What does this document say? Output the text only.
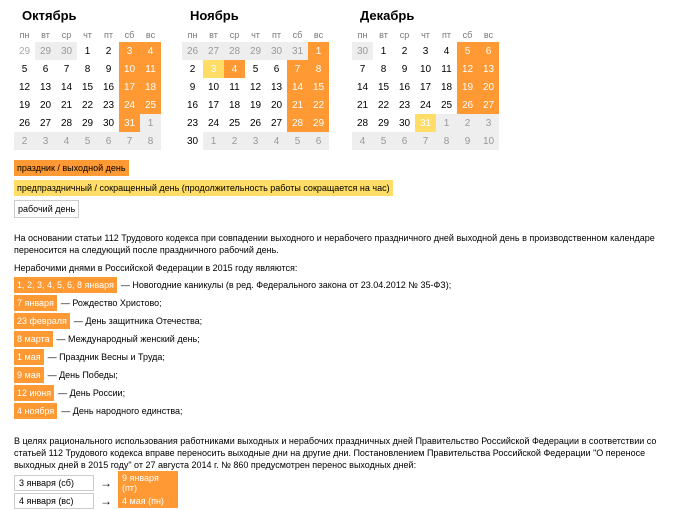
Октябрь
пн	вт	ср	чт	пт	сб	вс
29	29	30	1	2	3	4
5	6	7	8	9	10	11
12	13	14	15	16	17	18
19	20	21	22	23	24	25
26	27	28	29	30	31	1
2	3	4	5	6	7	8
Ноябрь
пн	вт	ср	чт	пт	сб	вс
26	27	28	29	30	31	1
2	3	4	5	6	7	8
9	10	11	12	13	14	15
16	17	18	19	20	21	22
23	24	25	26	27	28	29
30	1	2	3	4	5	6
Декабрь
пн	вт	ср	чт	пт	сб	вс
30	1	2	3	4	5	6
7	8	9	10	11	12	13
14	15	16	17	18	19	20
21	22	23	24	25	26	27
28	29	30	31	1	2	3
4	5	6	7	8	9	10
праздник / выходной день
предпраздничный / сокращенный день (продолжительность работы сокращается на час)
рабочий день
На основании статьи 112 Трудового кодекса при совпадении выходного и нерабочего праздничного дней выходной день в производственном календаре переносится на следующий после праздничного рабочий день.
Нерабочими днями в Российской Федерации в 2015 году являются:
1, 2, 3, 4, 5, 6, 8 января — Новогодние каникулы (в ред. Федерального закона от 23.04.2012 № 35-ФЗ);
7 января — Рождество Христово;
23 февраля — День защитника Отечества;
8 марта — Международный женский день;
1 мая — Праздник Весны и Труда;
9 мая — День Победы;
12 июня — День России;
4 ноября — День народного единства;
В целях рационального использования работниками выходных и нерабочих праздничных дней Правительство Российской Федерации в соответствии со статьей 112 Трудового кодекса вправе переносить выходные дни на другие дни. Постановлением Правительства Российской Федерации "О переносе выходных дней в 2015 году" от 27 августа 2014 г. № 860 предусмотрен перенос выходных дней:
3 января (сб)	→	9 января (пт)
4 января (вс)	→	4 мая (пн)
